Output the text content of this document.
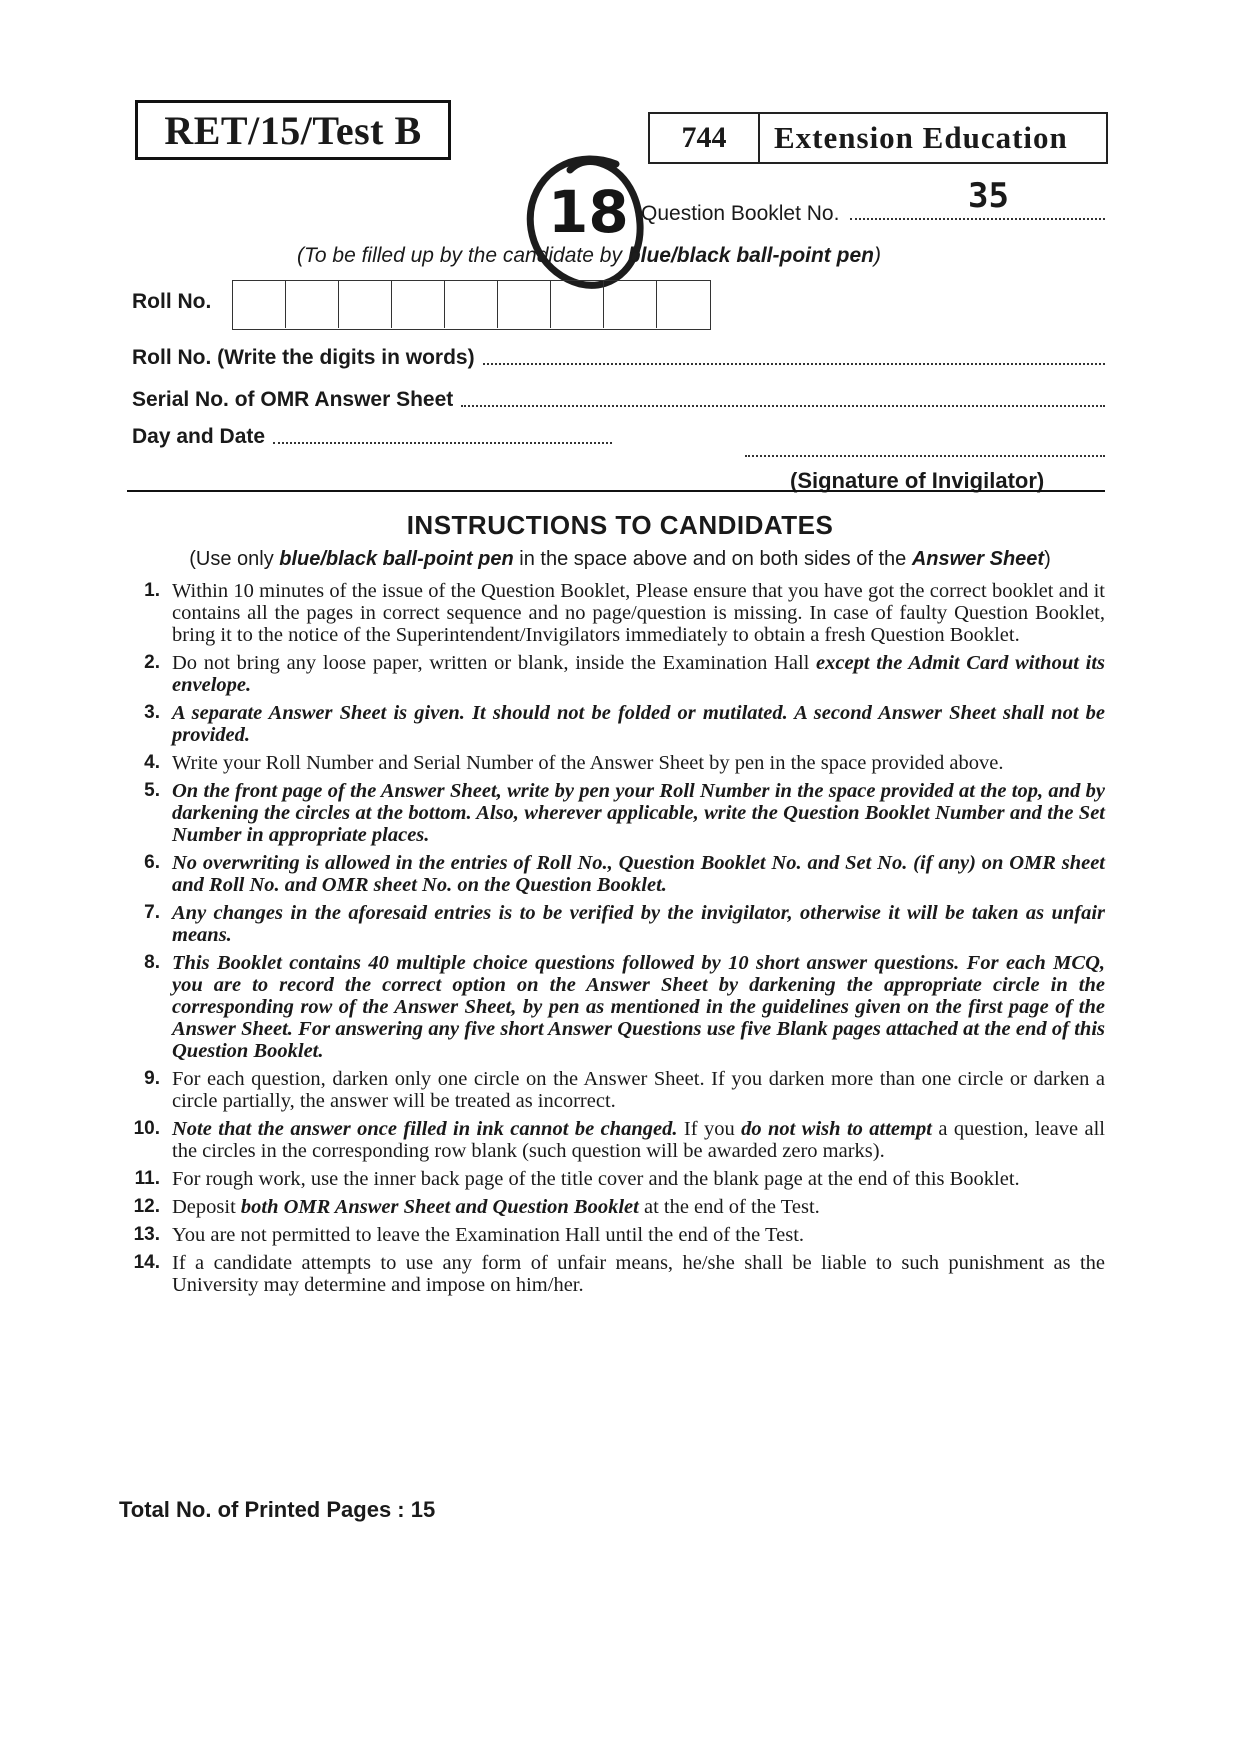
RET/15/Test B	744	Extension Education
18 Question Booklet No.	35
(To be filled up by the candidate by blue/black ball-point pen)
Roll No.
Roll No. (Write the digits in words)
Serial No. of OMR Answer Sheet
Day and Date
(Signature of Invigilator)
INSTRUCTIONS TO CANDIDATES
(Use only blue/black ball-point pen in the space above and on both sides of the Answer Sheet)
1. Within 10 minutes of the issue of the Question Booklet, Please ensure that you have got the correct booklet and it contains all the pages in correct sequence and no page/question is missing. In case of faulty Question Booklet, bring it to the notice of the Superintendent/Invigilators immediately to obtain a fresh Question Booklet.
2. Do not bring any loose paper, written or blank, inside the Examination Hall except the Admit Card without its envelope.
3. A separate Answer Sheet is given. It should not be folded or mutilated. A second Answer Sheet shall not be provided.
4. Write your Roll Number and Serial Number of the Answer Sheet by pen in the space provided above.
5. On the front page of the Answer Sheet, write by pen your Roll Number in the space provided at the top, and by darkening the circles at the bottom. Also, wherever applicable, write the Question Booklet Number and the Set Number in appropriate places.
6. No overwriting is allowed in the entries of Roll No., Question Booklet No. and Set No. (if any) on OMR sheet and Roll No. and OMR sheet No. on the Question Booklet.
7. Any changes in the aforesaid entries is to be verified by the invigilator, otherwise it will be taken as unfair means.
8. This Booklet contains 40 multiple choice questions followed by 10 short answer questions. For each MCQ, you are to record the correct option on the Answer Sheet by darkening the appropriate circle in the corresponding row of the Answer Sheet, by pen as mentioned in the guidelines given on the first page of the Answer Sheet. For answering any five short Answer Questions use five Blank pages attached at the end of this Question Booklet.
9. For each question, darken only one circle on the Answer Sheet. If you darken more than one circle or darken a circle partially, the answer will be treated as incorrect.
10. Note that the answer once filled in ink cannot be changed. If you do not wish to attempt a question, leave all the circles in the corresponding row blank (such question will be awarded zero marks).
11. For rough work, use the inner back page of the title cover and the blank page at the end of this Booklet.
12. Deposit both OMR Answer Sheet and Question Booklet at the end of the Test.
13. You are not permitted to leave the Examination Hall until the end of the Test.
14. If a candidate attempts to use any form of unfair means, he/she shall be liable to such punishment as the University may determine and impose on him/her.
Total No. of Printed Pages : 15
